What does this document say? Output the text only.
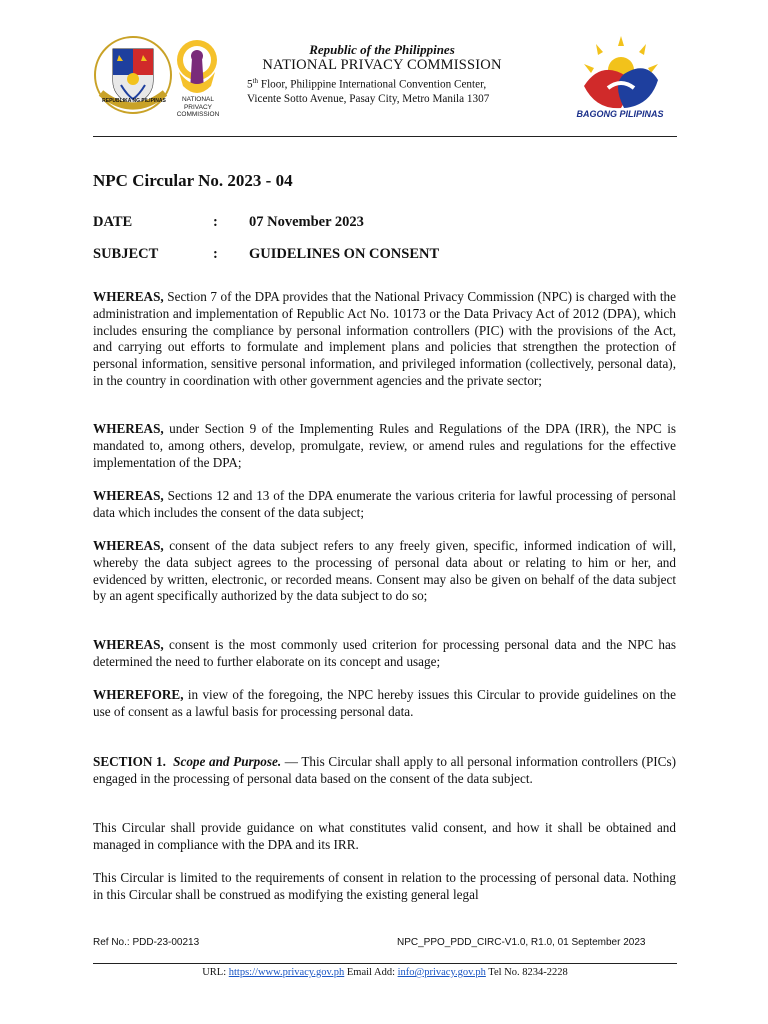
REPUBLIKA NG PILIPINAS	NATIONAL
PRIVACY
COMMISSION
Republic of the Philippines
NATIONAL PRIVACY COMMISSION
5th Floor, Philippine International Convention Center,
Vicente Sotto Avenue, Pasay City, Metro Manila 1307
BAGONG PILIPINAS
NPC Circular No. 2023 - 04
DATE	: 07 November 2023
SUBJECT	: GUIDELINES ON CONSENT

WHEREAS, Section 7 of the DPA provides that the National Privacy Commission (NPC) is charged with the administration and implementation of Republic Act No. 10173 or the Data Privacy Act of 2012 (DPA), which includes ensuring the compliance by personal information controllers (PIC) with the provisions of the Act, and carrying out efforts to formulate and implement plans and policies that strengthen the protection of personal information, sensitive personal information, and privileged information (collectively, personal data), in the country in coordination with other government agencies and the private sector;

WHEREAS, under Section 9 of the Implementing Rules and Regulations of the DPA (IRR), the NPC is mandated to, among others, develop, promulgate, review, or amend rules and regulations for the effective implementation of the DPA;

WHEREAS, Sections 12 and 13 of the DPA enumerate the various criteria for lawful processing of personal data which includes the consent of the data subject;

WHEREAS, consent of the data subject refers to any freely given, specific, informed indication of will, whereby the data subject agrees to the processing of personal data about or relating to him or her, and evidenced by written, electronic, or recorded means. Consent may also be given on behalf of the data subject by an agent specifically authorized by the data subject to do so;

WHEREAS, consent is the most commonly used criterion for processing personal data and the NPC has determined the need to further elaborate on its concept and usage;

WHEREFORE, in view of the foregoing, the NPC hereby issues this Circular to provide guidelines on the use of consent as a lawful basis for processing personal data.

SECTION 1. Scope and Purpose. — This Circular shall apply to all personal information controllers (PICs) engaged in the processing of personal data based on the consent of the data subject.

This Circular shall provide guidance on what constitutes valid consent, and how it shall be obtained and managed in compliance with the DPA and its IRR.

This Circular is limited to the requirements of consent in relation to the processing of personal data. Nothing in this Circular shall be construed as modifying the existing general legal

Ref No.: PDD-23-00213	NPC_PPO_PDD_CIRC-V1.0, R1.0, 01 September 2023
URL: https://www.privacy.gov.ph Email Add: info@privacy.gov.ph Tel No. 8234-2228
